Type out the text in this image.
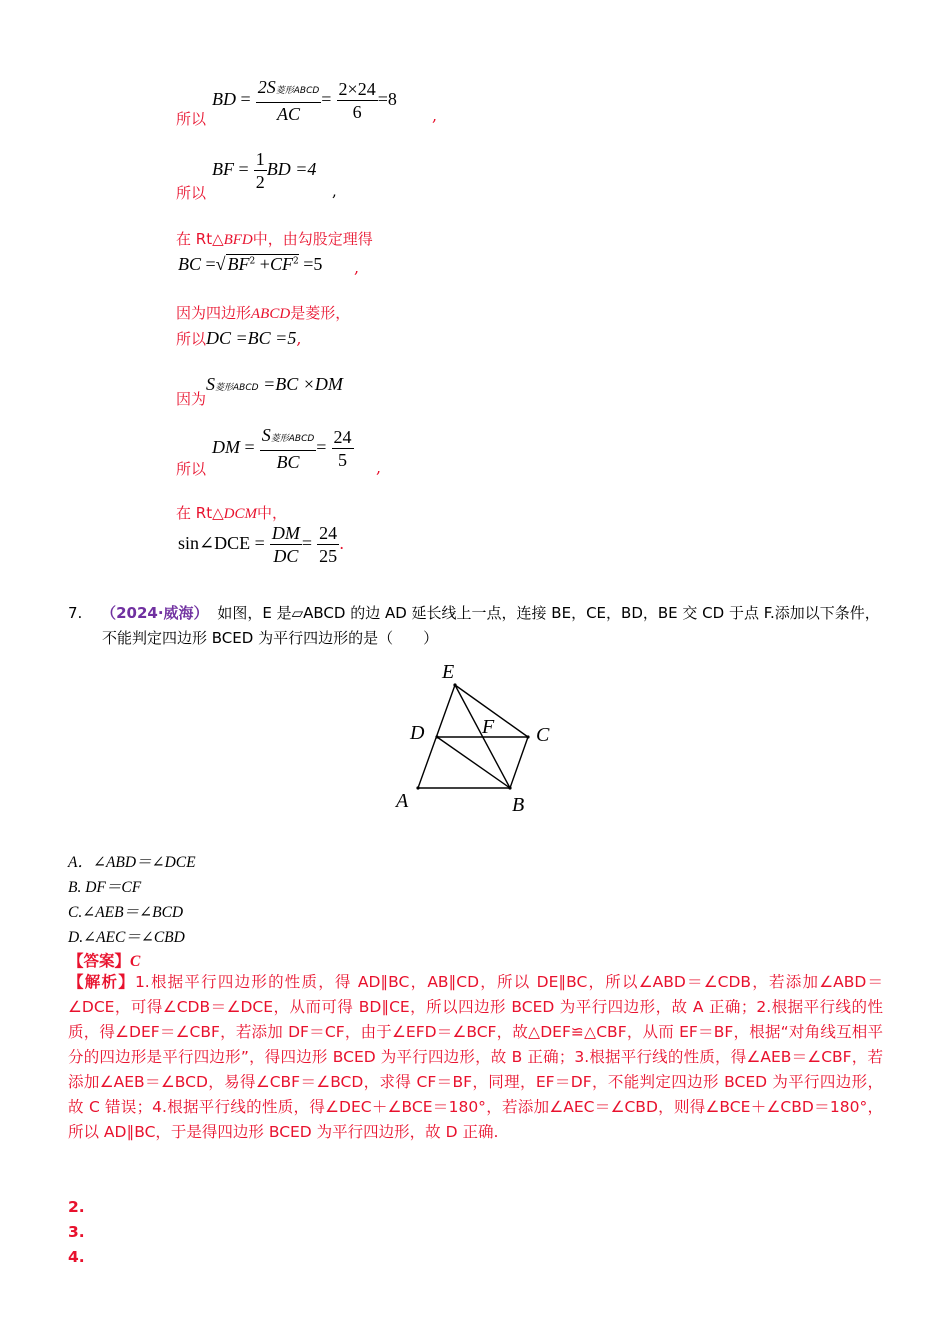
所以
BD = $\frac{\text{2S菱形ABCD}}{AC} = \frac{2\times 24}{6} =8$
,
所以
BF = $\frac{1}{2}$ BD =4
,
在 Rt△BFD中，由勾股定理得
BC =√ $BF^2 +CF^2 =5$ ,
因为四边形ABCD是菱形，
所以DC =BC =5,
因为S菱形ABCD =BC ×DM
所以
DM = $\frac{\text{S菱形ABCD}}{BC} = \frac{24}{5}$ ,
在 Rt△DCM中，
sin∠DCE = $\frac{DM}{DC} = \frac{24}{25}$ .
7. （2024·威海） 如图，E 是▱ABCD 的边 AD 延长线上一点，连接 BE，CE，BD，BE 交 CD 于点 F.添加以下条件，
不能判定四边形 BCED 为平行四边形的是（　　）
E
D	F C
A	B
A．∠ABD＝∠DCE
B. DF＝CF
C.∠AEB＝∠BCD
D.∠AEC＝∠CBD
【答案】C
【解析】1.根据平行四边形的性质，得 AD∥BC，AB∥CD，所以 DE∥BC，所以∠ABD＝∠CDB，若添加∠ABD＝∠DCE，可得∠CDB＝∠DCE，从而可得 BD∥CE，所以四边形 BCED 为平行四边形，故 A 正确；2.根据平行线的性质，得∠DEF＝∠CBF，若添加 DF＝CF，由于∠EFD＝∠BCF，故△DEF≌△CBF，从而 EF＝BF，根据“对角线互相平分的四边形是平行四边形”，得四边形 BCED 为平行四边形，故 B 正确；3.根据平行线的性质，得∠AEB＝∠CBF，若添加∠AEB＝∠BCD，易得∠CBF＝∠BCD，求得 CF＝BF，同理，EF＝DF，不能判定四边形 BCED 为平行四边形，故 C 错误；4.根据平行线的性质，得∠DEC＋∠BCE＝180°，若添加∠AEC＝∠CBD，则得∠BCE＋∠CBD＝180°，所以 AD∥BC，于是得四边形 BCED 为平行四边形，故 D 正确.
2.
3.
4.
